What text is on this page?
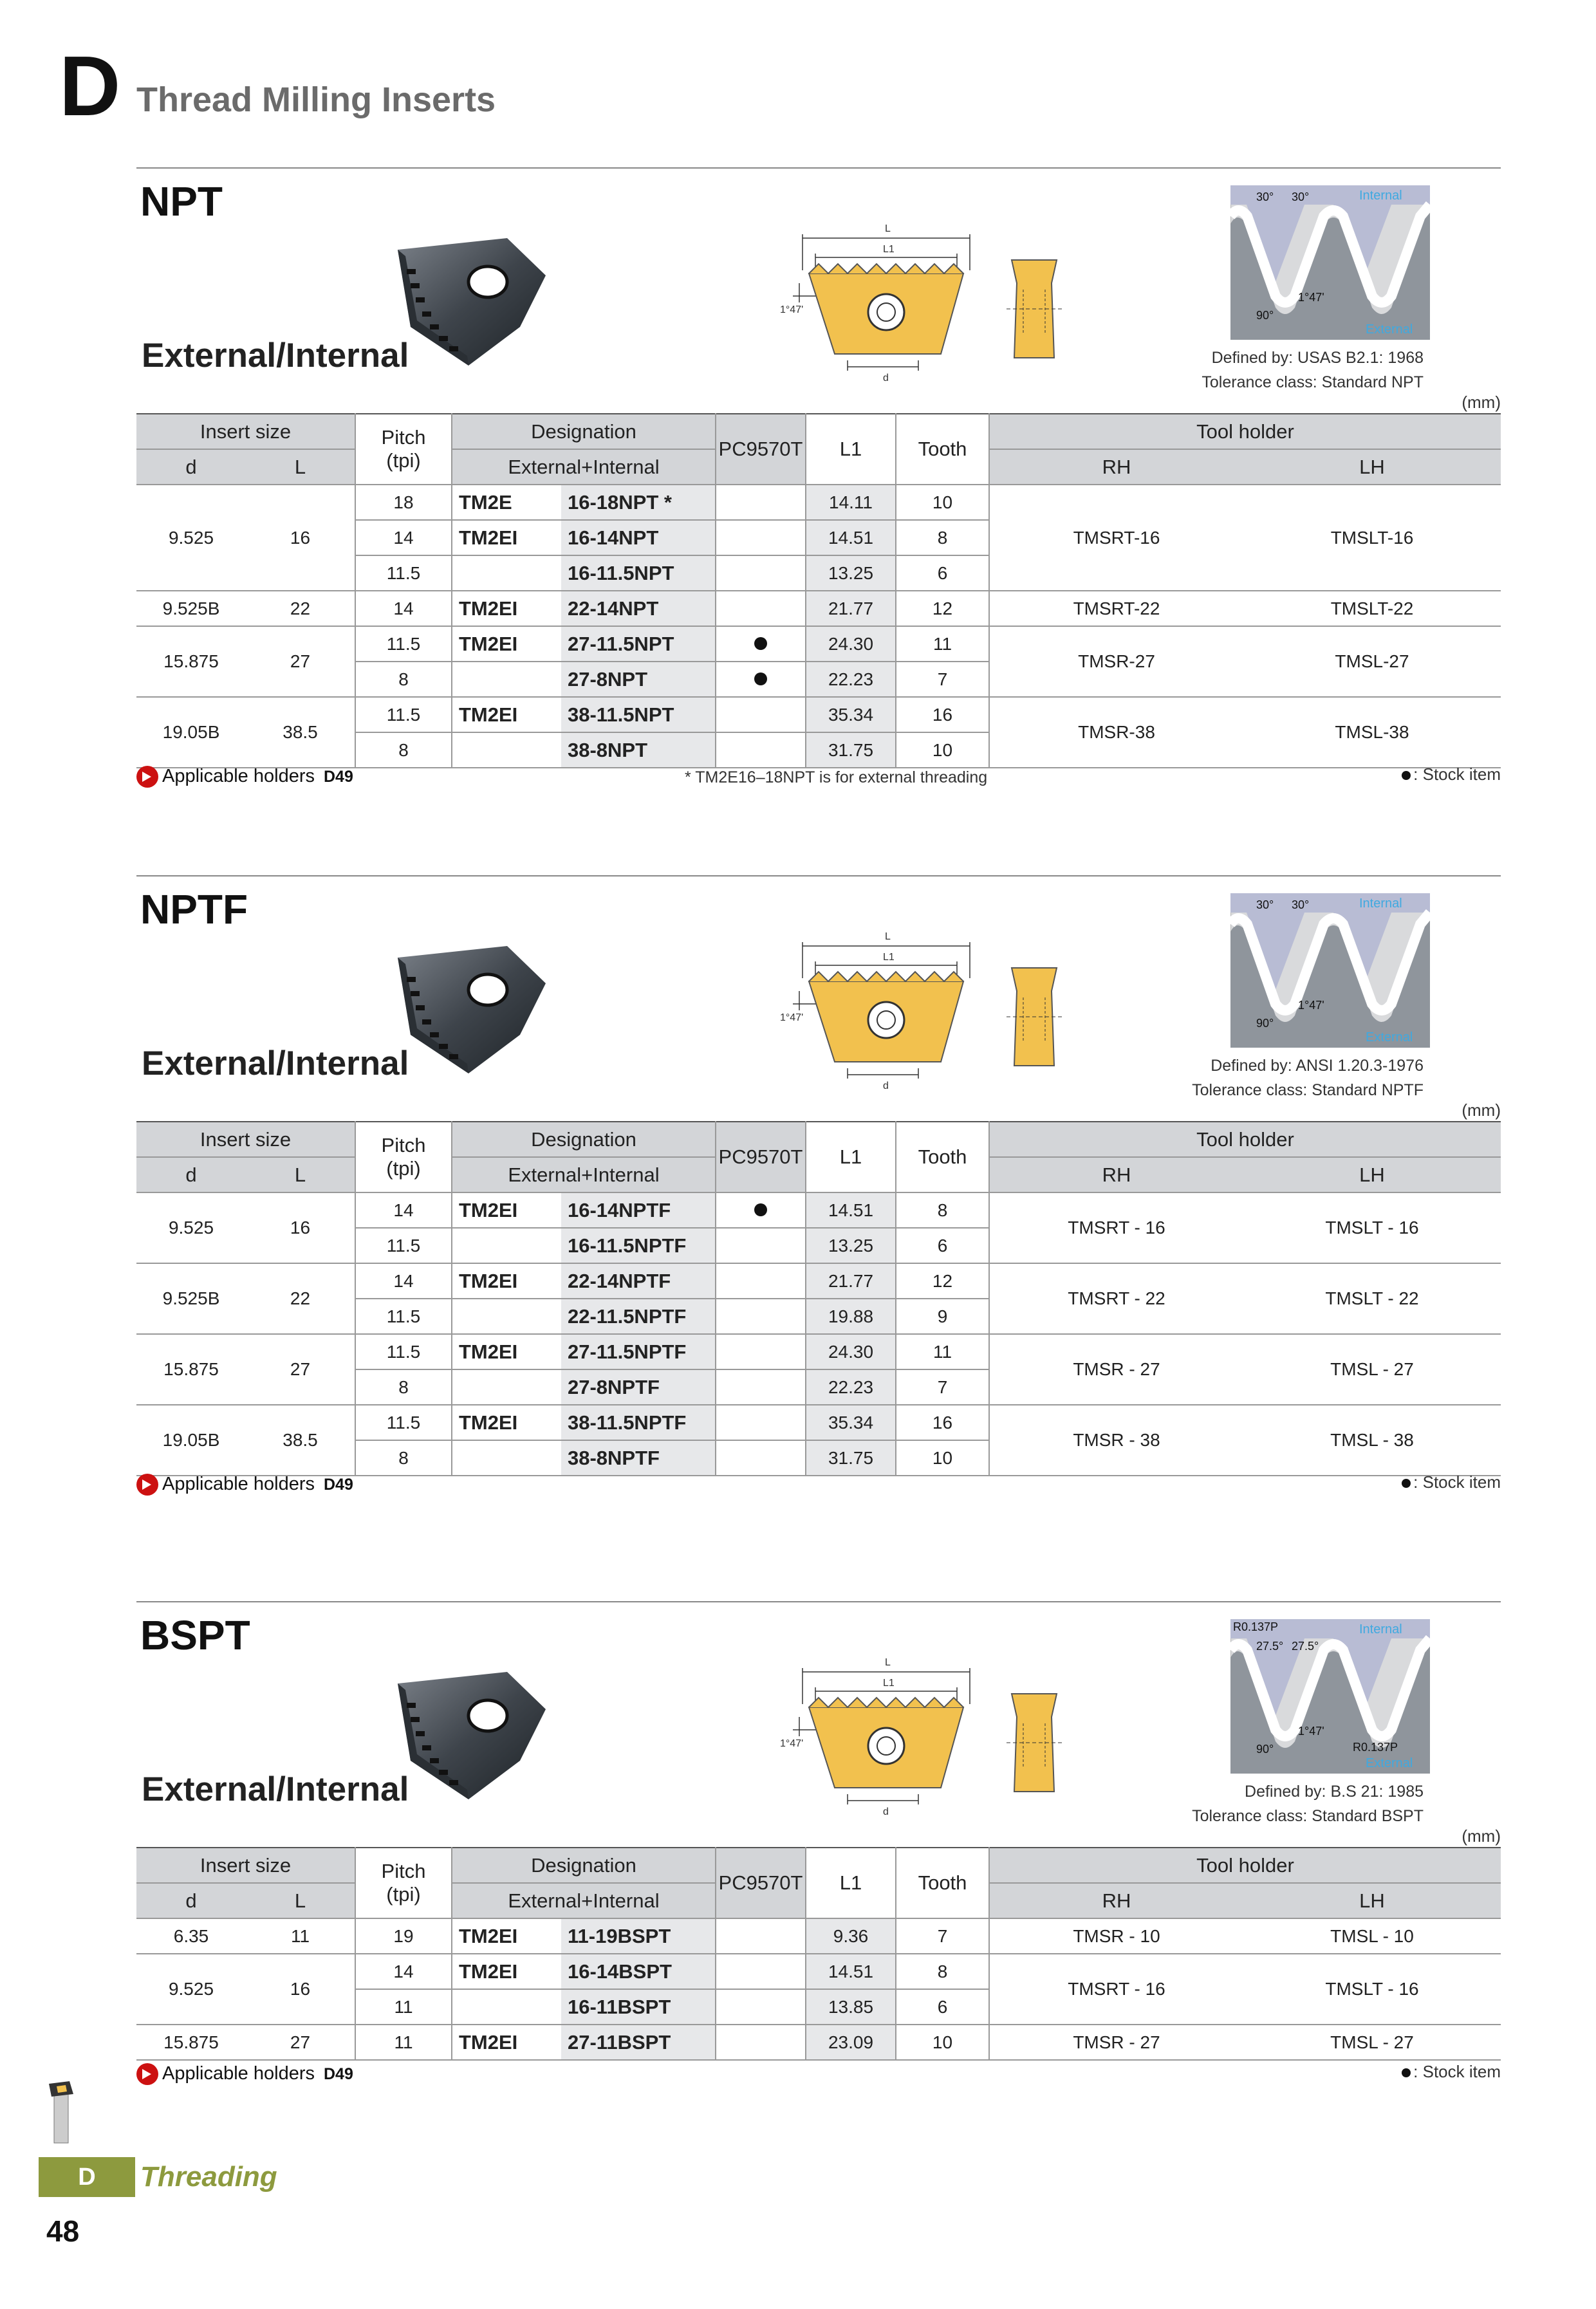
D Thread Milling Inserts
NPT
L
L1
d
1°47'
Internal
External
30° 30°
90°
1°47'
External/Internal	Defined by: USAS B2.1: 1968
Tolerance class: Standard NPT
(mm)
Insert size		Pitch
(tpi)	Designation		PC9570T	L1	Tooth	Tool holder	
d	L		External+Internal					RH	LH
9.525	16	18	TM2E	16-18NPT *		14.11	10	TMSRT-16	TMSLT-16
		14	TM2EI	16-14NPT		14.51	8		
		11.5		16-11.5NPT		13.25	6		
9.525B	22	14	TM2EI	22-14NPT		21.77	12	TMSRT-22	TMSLT-22
15.875	27	11.5	TM2EI	27-11.5NPT		24.30	11	TMSR-27	TMSL-27
		8		27-8NPT		22.23	7		
19.05B	38.5	11.5	TM2EI	38-11.5NPT		35.34	16	TMSR-38	TMSL-38
		8		38-8NPT		31.75	10		
Applicable holders D49	* TM2E16–18NPT is for external threading	: Stock item
NPTF
L
L1
d
1°47'
Internal
External
30° 30°
90°
1°47'
External/Internal	Defined by: ANSI 1.20.3-1976
Tolerance class: Standard NPTF
(mm)
Insert size		Pitch
(tpi)	Designation		PC9570T	L1	Tooth	Tool holder	
d	L		External+Internal					RH	LH
9.525	16	14	TM2EI	16-14NPTF		14.51	8	TMSRT - 16	TMSLT - 16
		11.5		16-11.5NPTF		13.25	6		
9.525B	22	14	TM2EI	22-14NPTF		21.77	12	TMSRT - 22	TMSLT - 22
		11.5		22-11.5NPTF		19.88	9		
15.875	27	11.5	TM2EI	27-11.5NPTF		24.30	11	TMSR - 27	TMSL - 27
		8		27-8NPTF		22.23	7		
19.05B	38.5	11.5	TM2EI	38-11.5NPTF		35.34	16	TMSR - 38	TMSL - 38
		8		38-8NPTF		31.75	10		
Applicable holders D49	: Stock item
BSPT
L
L1
d
1°47'
Internal
External
27.5° 27.5°
90°
1°47'
R0.137P
R0.137P
External/Internal	Defined by: B.S 21: 1985
Tolerance class: Standard BSPT
(mm)
Insert size		Pitch
(tpi)	Designation		PC9570T	L1	Tooth	Tool holder	
d	L		External+Internal					RH	LH
6.35	11	19	TM2EI	11-19BSPT		9.36	7	TMSR - 10	TMSL - 10
9.525	16	14	TM2EI	16-14BSPT		14.51	8	TMSRT - 16	TMSLT - 16
		11		16-11BSPT		13.85	6		
15.875	27	11	TM2EI	27-11BSPT		23.09	10	TMSR - 27	TMSL - 27
Applicable holders D49	: Stock item
D	Threading
48
